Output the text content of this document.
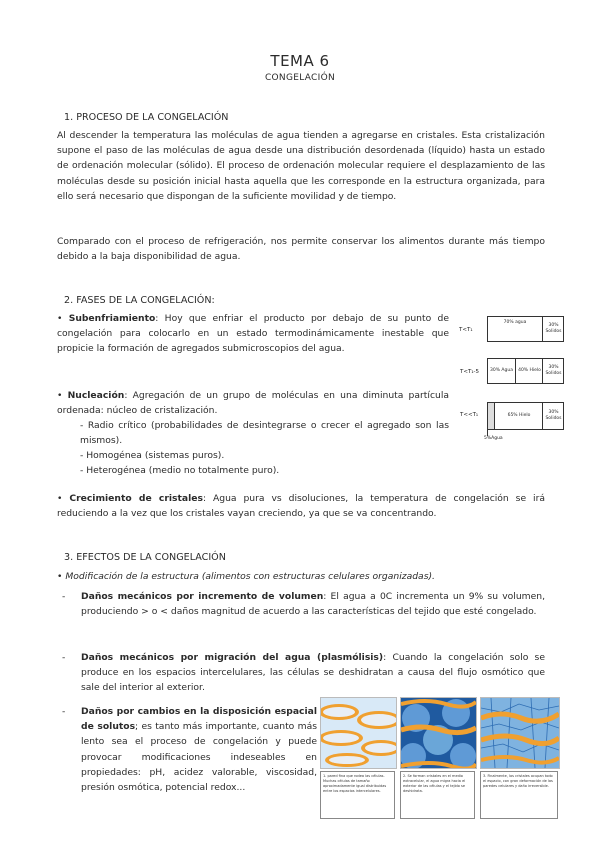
TEMA 6
CONGELACIÓN
1. PROCESO DE LA CONGELACIÓN
Al descender la temperatura las moléculas de agua tienden a agregarse en cristales. Esta cristalización supone el paso de las moléculas de agua desde una distribución desordenada (líquido) hasta un estado de ordenación molecular (sólido). El proceso de ordenación molecular requiere el desplazamiento de las moléculas desde su posición inicial hasta aquella que les corresponde en la estructura organizada, para ello será necesario que dispongan de la suficiente movilidad y de tiempo.
Comparado con el proceso de refrigeración, nos permite conservar los alimentos durante más tiempo debido a la baja disponibilidad de agua.
2. FASES DE LA CONGELACIÓN:
• Subenfriamiento: Hoy que enfriar el producto por debajo de su punto de congelación para colocarlo en un estado termodinámicamente inestable que propicie la formación de agregados submicroscopios del agua.
• Nucleación: Agregación de un grupo de moléculas en una diminuta partícula ordenada: núcleo de cristalización.
- Radio crítico (probabilidades de desintegrarse o crecer el agregado son las mismos).
- Homogénea (sistemas puros).
- Heterogénea (medio no totalmente puro).
• Crecimiento de cristales: Agua pura vs disoluciones, la temperatura de congelación se irá reduciendo a la vez que los cristales vayan creciendo, ya que se va concentrando.
T<T₁
70% agua
30% Solidos
T<T₁-5	30% Agua	40% Hielo
30% Solidos
T<<T₁	65% Hielo
30% Solidos
5%Agua
3. EFECTOS DE LA CONGELACIÓN
• Modificación de la estructura (alimentos con estructuras celulares organizadas).
-	Daños mecánicos por incremento de volumen: El agua a 0C incrementa un 9% su volumen, produciendo > o < daños magnitud de acuerdo a las características del tejido que esté congelado.
-	Daños mecánicos por migración del agua (plasmólisis): Cuando la congelación solo se produce en los espacios intercelulares, las células se deshidratan a causa del flujo osmótico que sale del interior al exterior.
-	Daños por cambios en la disposición espacial de solutos; es tanto más importante, cuanto más lento sea el proceso de congelación y puede provocar modificaciones indeseables en propiedades: pH, acidez valorable, viscosidad, presión osmótica, potencial redox...
1. pared fina que rodea las células. Muchas células de tamaño aproximadamente igual distribuidas entre los espacios intercelulares.
2. Se forman cristales en el medio extracelular, el agua migra hacia el exterior de las células y el tejido se deshidrata.
3. Finalmente, los cristales ocupan todo el espacio, con gran deformación de las paredes celulares y daño irreversible.
